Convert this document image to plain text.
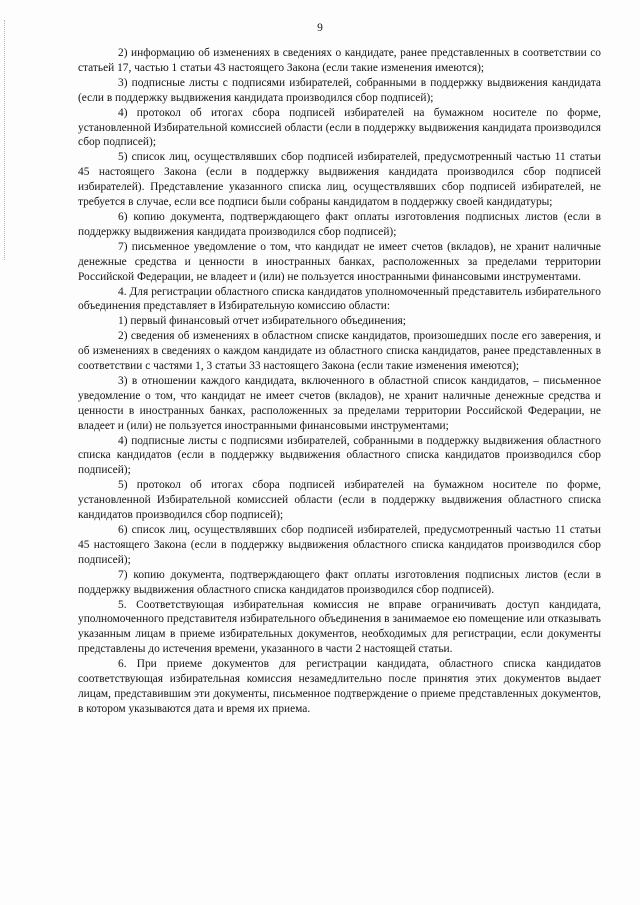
9

2) информацию об изменениях в сведениях о кандидате, ранее представленных в соответствии со статьей 17, частью 1 статьи 43 настоящего Закона (если такие изменения имеются);

3) подписные листы с подписями избирателей, собранными в поддержку выдвижения кандидата (если в поддержку выдвижения кандидата производился сбор подписей);

4) протокол об итогах сбора подписей избирателей на бумажном носителе по форме, установленной Избирательной комиссией области (если в поддержку выдвижения кандидата производился сбор подписей);

5) список лиц, осуществлявших сбор подписей избирателей, предусмотренный частью 11 статьи 45 настоящего Закона (если в поддержку выдвижения кандидата производился сбор подписей избирателей). Представление указанного списка лиц, осуществлявших сбор подписей избирателей, не требуется в случае, если все подписи были собраны кандидатом в поддержку своей кандидатуры;

6) копию документа, подтверждающего факт оплаты изготовления подписных листов (если в поддержку выдвижения кандидата производился сбор подписей);

7) письменное уведомление о том, что кандидат не имеет счетов (вкладов), не хранит наличные денежные средства и ценности в иностранных банках, расположенных за пределами территории Российской Федерации, не владеет и (или) не пользуется иностранными финансовыми инструментами.

4. Для регистрации областного списка кандидатов уполномоченный представитель избирательного объединения представляет в Избирательную комиссию области:

1) первый финансовый отчет избирательного объединения;

2) сведения об изменениях в областном списке кандидатов, произошедших после его заверения, и об изменениях в сведениях о каждом кандидате из областного списка кандидатов, ранее представленных в соответствии с частями 1, 3 статьи 33 настоящего Закона (если такие изменения имеются);

3) в отношении каждого кандидата, включенного в областной список кандидатов, – письменное уведомление о том, что кандидат не имеет счетов (вкладов), не хранит наличные денежные средства и ценности в иностранных банках, расположенных за пределами территории Российской Федерации, не владеет и (или) не пользуется иностранными финансовыми инструментами;

4) подписные листы с подписями избирателей, собранными в поддержку выдвижения областного списка кандидатов (если в поддержку выдвижения областного списка кандидатов производился сбор подписей);

5) протокол об итогах сбора подписей избирателей на бумажном носителе по форме, установленной Избирательной комиссией области (если в поддержку выдвижения областного списка кандидатов производился сбор подписей);

6) список лиц, осуществлявших сбор подписей избирателей, предусмотренный частью 11 статьи 45 настоящего Закона (если в поддержку выдвижения областного списка кандидатов производился сбор подписей);

7) копию документа, подтверждающего факт оплаты изготовления подписных листов (если в поддержку выдвижения областного списка кандидатов производился сбор подписей).

5. Соответствующая избирательная комиссия не вправе ограничивать доступ кандидата, уполномоченного представителя избирательного объединения в занимаемое ею помещение или отказывать указанным лицам в приеме избирательных документов, необходимых для регистрации, если документы представлены до истечения времени, указанного в части 2 настоящей статьи.

6. При приеме документов для регистрации кандидата, областного списка кандидатов соответствующая избирательная комиссия незамедлительно после принятия этих документов выдает лицам, представившим эти документы, письменное подтверждение о приеме представленных документов, в котором указываются дата и время их приема.
